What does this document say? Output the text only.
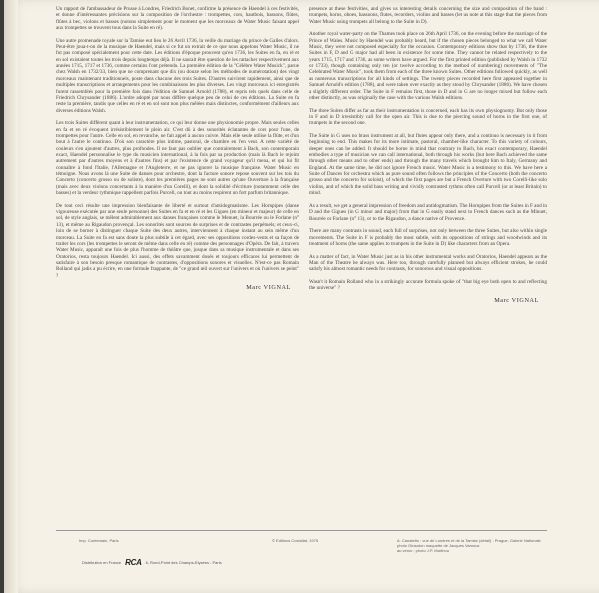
Un rapport de l'ambassadeur de Prusse à Londres, Friedrich Bonet, confirme la présence de Haendel à ces festivités, et donne d'intéressantes précisions sur la composition de l'orchestre : trompettes, cors, hautbois, bassons, flûtes, flûtes à bec, violons et basses (notons simplement pour le moment que les morceaux de Water Music faisant appel aux trompettes se trouvent tous dans la Suite en ré).

Une autre promenade royale sur la Tamise eut lieu le 26 Avril 1736, la veille du mariage du prince de Galles d'alors. Peut-être joua-t-on de la musique de Haendel, mais si ce fut un extrait de ce que nous appelons Water Music, il ne fut pas composé spécialement pour cette date. Les éditions d'époque prouvent qu'en 1736, les Suites en fa, en ré et en sol existaient toutes les trois depuis longtemps déjà. Il ne saurait être question de les rattacher respectivement aux années 1715, 1717 et 1736, comme certains l'ont prétendu. La première édition de la "Célèbre Water Musick", parue chez Walsh en 1732/33, bien que ne comprenant que dix (ou douze selon les méthodes de numérotation) des vingt morceaux maintenant traditionnels, poste dans chacune des trois Suites. D'autres suivirent rapidement, ainsi que de multiples transcriptions et arrangements pour les combinaisons les plus diverses. Les vingt morceaux ici enregistrés furent rassemblés pour la première fois dans l'édition de Samuel Arnold (1788), et repris tels quels dans celle de Friedrich Chrysander (1886). L'ordre adopté par nous diffère quelque peu de celui de ces éditions. La Suite en fa reste la première, tandis que celles en ré et en sol sont non plus mêlées mais distinctes, conformément d'ailleurs aux diverses éditions Walsh.

Les trois Suites diffèrent quant à leur instrumentation, ce qui leur donne une physionomie propre. Mais seules celles en fa et en ré évoquent irrésistiblement le plein air. C'est dû à des sonorités éclatantes de cors pour l'une, de trompettes pour l'autre. Celle en sol, en revanche, ne fait appel à aucun cuivre. Mais elle seule utilise la flûte, et d'un bout à l'autre le continuo. D'où son caractère plus intime, pastoral, de chambre en l'en veut. A cette variété de couleurs s'en ajoutent d'autres, plus profondes. Il ne faut pas oublier que contrairement à Bach, son contemporain exact, Haendel personnalise le type du musicien international, à la fois par sa production (mais là Bach le rejoint autrement par d'autres moyens et à d'autres fins) et par l'existence de grand voyageur qu'il mena, et qui lui fit connaître à fond l'Italie, l'Allemagne et l'Angleterre, et ne pas ignorer la musique française. Water Music en témoigne. Nous avons là une Suite de danses pour orchestre, dont la facture sonore repose souvent sur les tois du Concerto (concerto grosso ou de soliste), dont les premières pages ne sont autres qu'une Ouverture à la française (mais avec deux violons concertants à la manière d'un Corelli), et dont la solidité d'écriture (notamment celle des basses) et la verdeur rythmique rappellent parfois Purcell, ou tout au moins respirent un fort parfum britannique.

De tout ceci résulte une impression bienfaisante de liberté et surtout d'antidogmatisme. Les Hornpipes (danse vigoureuse exécutée par une seule personne) des Suites en fa et en ré et les Gigues (en mineur et majeur) de celle en sol, de style anglais, se mêlent admirablement aux danses françaises comme le Menuet, la Bourrée ou le Forlane (n° 13), et même au Rigaudon provençal. Les sonorités sont sources de surprises et de contrastes perpétuels; et ceux-ci, loin de se borner à distinguer chaque Suite des deux autres, interviennent à chaque instant au sein même d'un morceau. La Suite en fa est sans doute la plus subtile à cet égard, avec ses oppositions cordes-vents et sa façon de traiter les cors (les trompettes le seront de même dans celle en ré) comme des personnages d'Opéra. De fait, à travers Water Music, apparaît une fois de plus l'homme de théâtre que, jusque dans sa musique instrumentale et dans ses Oratorios, resta toujours Haendel. Ici aussi, des effets savamment dosés et toujours efficaces lui permettent de satisfaire à son besoin presque romantique de contrastes, d'oppositions sonores et visuelles. N'est-ce pas Romain Rolland qui jadis a pu écrire, en une formule frappante, de "ce grand œil ouvert sur l'univers et où l'univers se peint" ?

Marc VIGNAL

presence at these festivities, and gives us interesting details concerning the size and composition of the band : trumpets, horns, oboes, bassoons, flutes, recorders, violins and basses (let us note at this stage that the pieces from Water Music using trumpets all belong to the Suite in D).

Another royal water-party on the Thames took place on 26th April 1736, on the evening before the marriage of the Prince of Wales. Music by Haendel was probably heard, but if the chosen pieces belonged to what we call Water Music, they were not composed especially for the occasion. Contemporary editions show that by 1736, the three Suites in F, D and G major had all been in existence for some time. They cannot be related respectively to the years 1715, 1717 and 1736, as some writers have argued. For the first printed edition (published by Walsh in 1732 or 1733), though containing only ten (or twelve according to the method of numbering) movements of "The Celebrated Water Music", took them from each of the three known Suites. Other editions followed quickly, as well as numerous transcriptions for all kinds of settings. The twenty pieces recorded here first appeared together in Samuel Arnold's edition (1788), and were taken over exactly as they stood by Chrysander (1886). We have chosen a slightly different order. The Suite in F remains first, those in D and in G are no longer mixed but follow each other distinctly, as was originally the case with the various Walsh editions.

The three Suites differ as far as their instrumentation is concerned, each has its own physiognomy. But only those in F and in D irresistibly call for the open air. This is due to the piercing sound of horns in the first one, of trumpets in the second one.

The Suite in G uses no brass instrument at all, but flutes appear only there, and a continuo is necessary in it from beginning to end. This makes for its more intimate, pastoral, chamber-like character. To this variety of colours, deeper ones can be added. It should be borne in mind that contrary to Bach, his exact contemporary, Haendel embodies a type of musician we can call international, both through his works (but here Bach achieved the same through other means and to other ends) and through the many travels which brought him to Italy, Germany and England. At the same time, he did not ignore French music. Water Music is a testimony to this. We have here a Suite of Dances for orchestra which as pure sound often follows the principles of the Concerto (both the concerto grosso and the concerto for soloist), of which the first pages are but a French Overture with two Corelli-like solo violins, and of which the solid bass writing and vividly contrasted rythms often call Purcell (or at least Britain) to mind.

As a result, we get a general impression of freedom and antidogmatism. The Hornpipes from the Suites in F and in D and the Gigues (in G minor and major) from that in G easily stand next to French dances such as the Minuet, Bourrée or Forlane (n° 13), or to the Rigaudon, a dance native of Provence.

There are many contrasts in sound, each full of surprises, not only between the three Suites, but also within single movements. The Suite in F is probably the most subtle, with its oppositions of strings and woodwinds and its treatment of horns (the same applies to trumpets in the Suite in D) like characters from an Opera.

As a matter of fact, in Water Music just as in his other instrumental works and Oratorios, Haendel appears as the Man of the Theatre he always was. Here too, through carefully planned but always efficient strokes, he could satisfy his almost romantic needs for contrasts, for sonorous and visual oppositions.

Wasn't it Romain Rolland who in a strikingly accurate formula spoke of "that big eye both open to and reflecting the universe" ?

Marc VIGNAL
Imp. Contemain, Paris	© Editions Costallat, 1975	A. Canaletto : vue de Londres et de la Tamise (détail) - Prague, Galerie Nationale
photo Giraudon maquette de Jacques Vamous
au verso : photo J.P. Marthou
Distribution en France RCA 6, Rond-Point des Champs-Elysées - Paris
